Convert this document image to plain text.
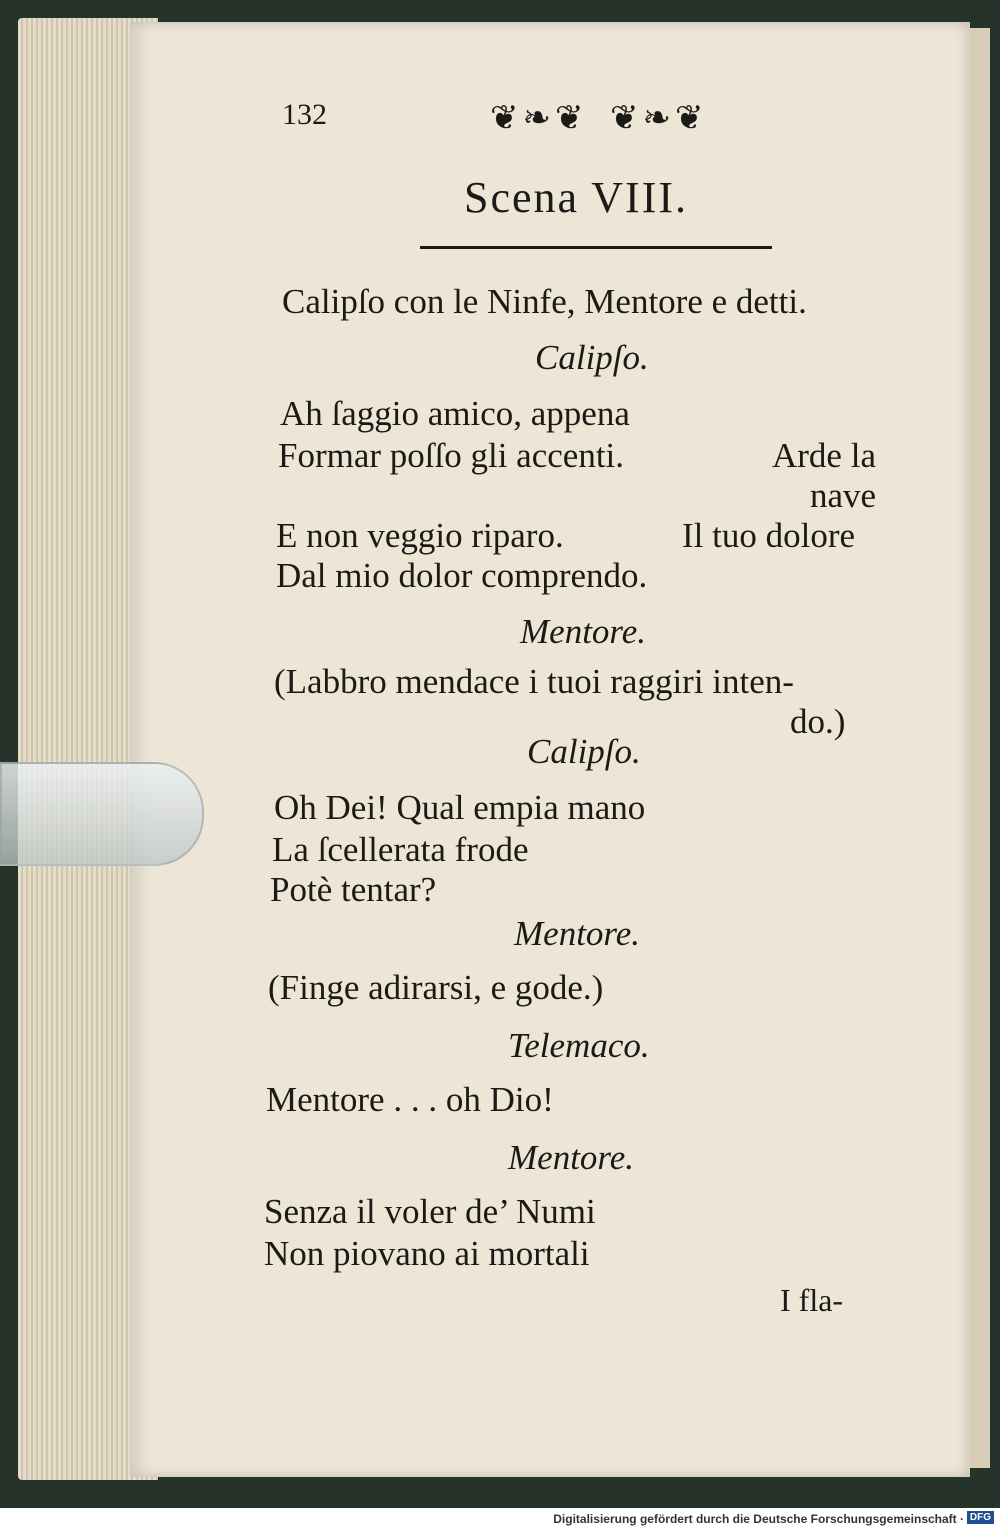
132	❦❧❦ ❦❧❦
Scena VIII.
Calipſo con le Ninfe, Mentore e detti.
Calipſo.
Ah ſaggio amico, appena
Formar poſſo gli accenti.	Arde la
nave
E non veggio riparo.	Il tuo dolore
Dal mio dolor comprendo.
Mentore.
(Labbro mendace i tuoi raggiri inten-
do.)
Calipſo.
Oh Dei! Qual empia mano
La ſcellerata frode
Potè tentar?
Mentore.
(Finge adirarsi, e gode.)
Telemaco.
Mentore . . . oh Dio!
Mentore.
Senza il voler de’ Numi
Non piovano ai mortali
I fla-
Digitalisierung gefördert durch die Deutsche Forschungsgemeinschaft · DFG
